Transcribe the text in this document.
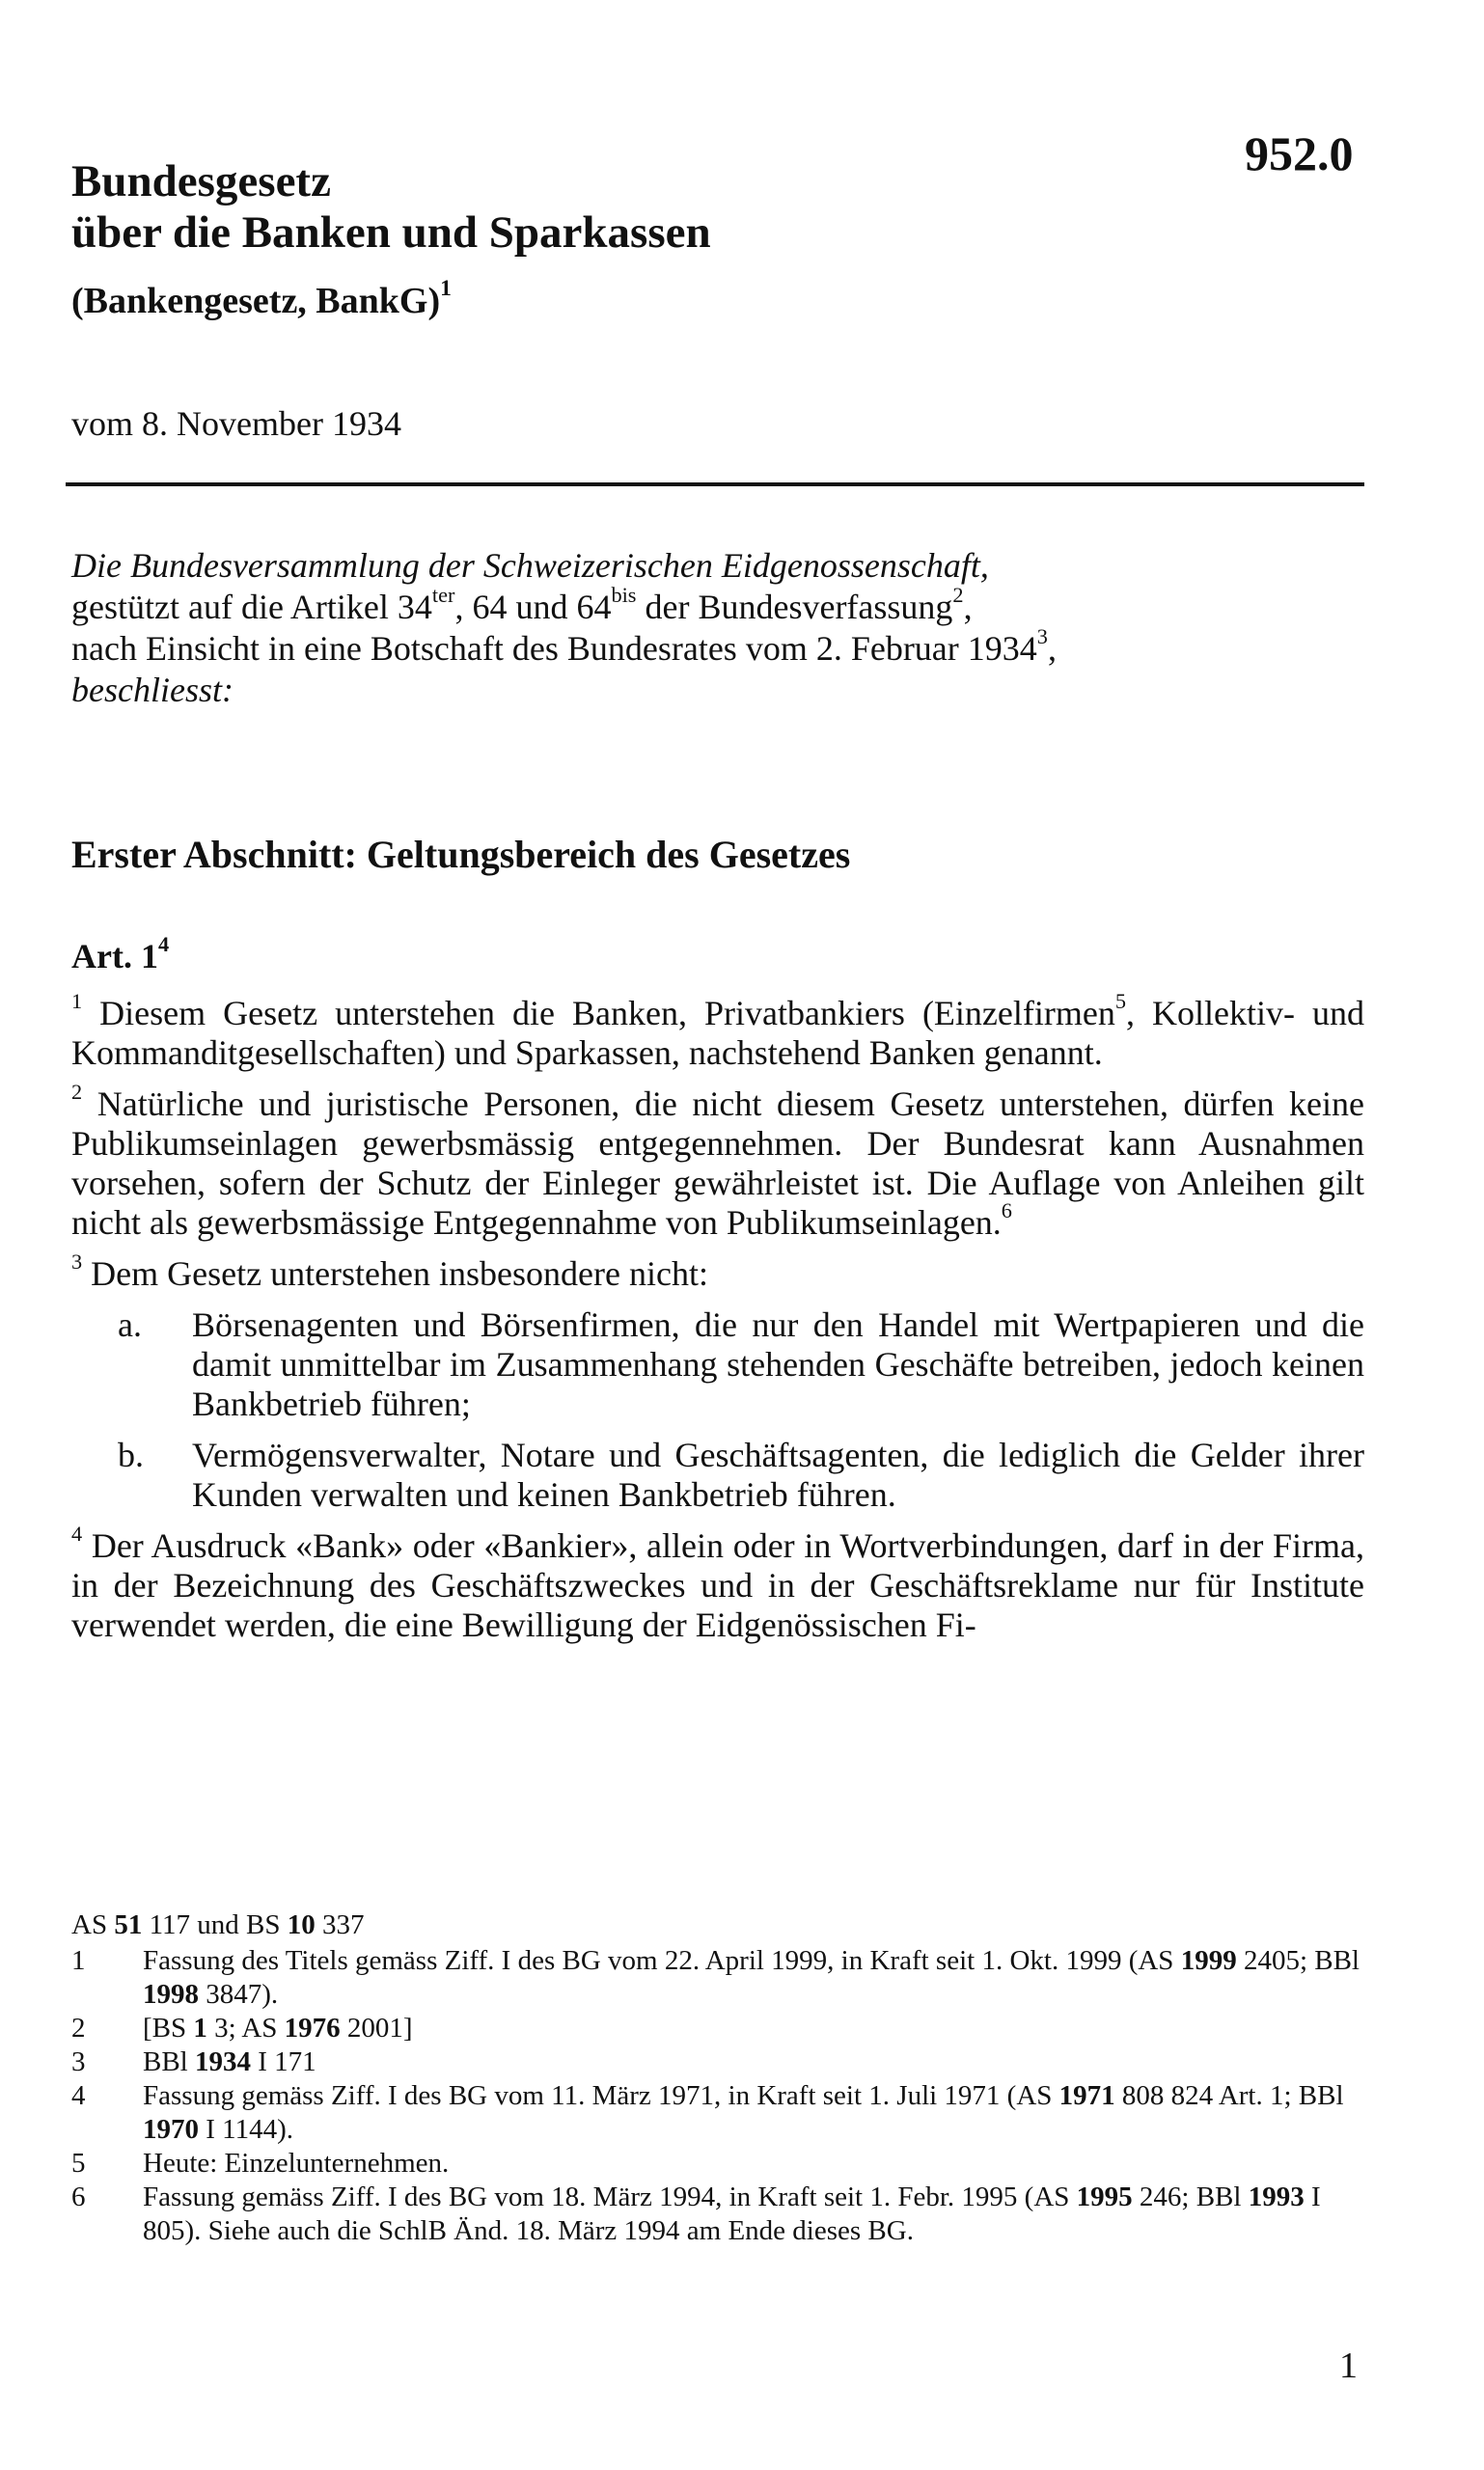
952.0
Bundesgesetz
über die Banken und Sparkassen
(Bankengesetz, BankG)$^1$
vom 8. November 1934
Die Bundesversammlung der Schweizerischen Eidgenossenschaft,
gestützt auf die Artikel $34^{ter}$, 64 und $64^{bis}$ der Bundesverfassung$^2$,
nach Einsicht in eine Botschaft des Bundesrates vom 2. Februar 1934$^3$,
beschliesst:
Erster Abschnitt: Geltungsbereich des Gesetzes
Art. $1^4$

$^1$ Diesem Gesetz unterstehen die Banken, Privatbankiers (Einzelfirmen$^5$, Kollektiv- und Kommanditgesellschaften) und Sparkassen, nachstehend Banken genannt.

$^2$ Natürliche und juristische Personen, die nicht diesem Gesetz unterstehen, dürfen keine Publikumseinlagen gewerbsmässig entgegennehmen. Der Bundesrat kann Ausnahmen vorsehen, sofern der Schutz der Einleger gewährleistet ist. Die Auflage von Anleihen gilt nicht als gewerbsmässige Entgegennahme von Publikumseinlagen.$^6$

$^3$ Dem Gesetz unterstehen insbesondere nicht:

a.	Börsenagenten und Börsenfirmen, die nur den Handel mit Wertpapieren und die damit unmittelbar im Zusammenhang stehenden Geschäfte betreiben, jedoch keinen Bankbetrieb führen;
b.	Vermögensverwalter, Notare und Geschäftsagenten, die lediglich die Gelder ihrer Kunden verwalten und keinen Bankbetrieb führen.

$^4$ Der Ausdruck «Bank» oder «Bankier», allein oder in Wortverbindungen, darf in der Firma, in der Bezeichnung des Geschäftszweckes und in der Geschäftsreklame nur für Institute verwendet werden, die eine Bewilligung der Eidgenössischen Fi-

AS 51 117 und BS 10 337
1	Fassung des Titels gemäss Ziff. I des BG vom 22. April 1999, in Kraft seit 1. Okt. 1999 (AS 1999 2405; BBl 1998 3847).
2	[BS 1 3; AS 1976 2001]
3	BBl 1934 I 171
4	Fassung gemäss Ziff. I des BG vom 11. März 1971, in Kraft seit 1. Juli 1971 (AS 1971 808 824 Art. 1; BBl 1970 I 1144).
5	Heute: Einzelunternehmen.
6	Fassung gemäss Ziff. I des BG vom 18. März 1994, in Kraft seit 1. Febr. 1995 (AS 1995 246; BBl 1993 I 805). Siehe auch die SchlB Änd. 18. März 1994 am Ende dieses BG.
1
